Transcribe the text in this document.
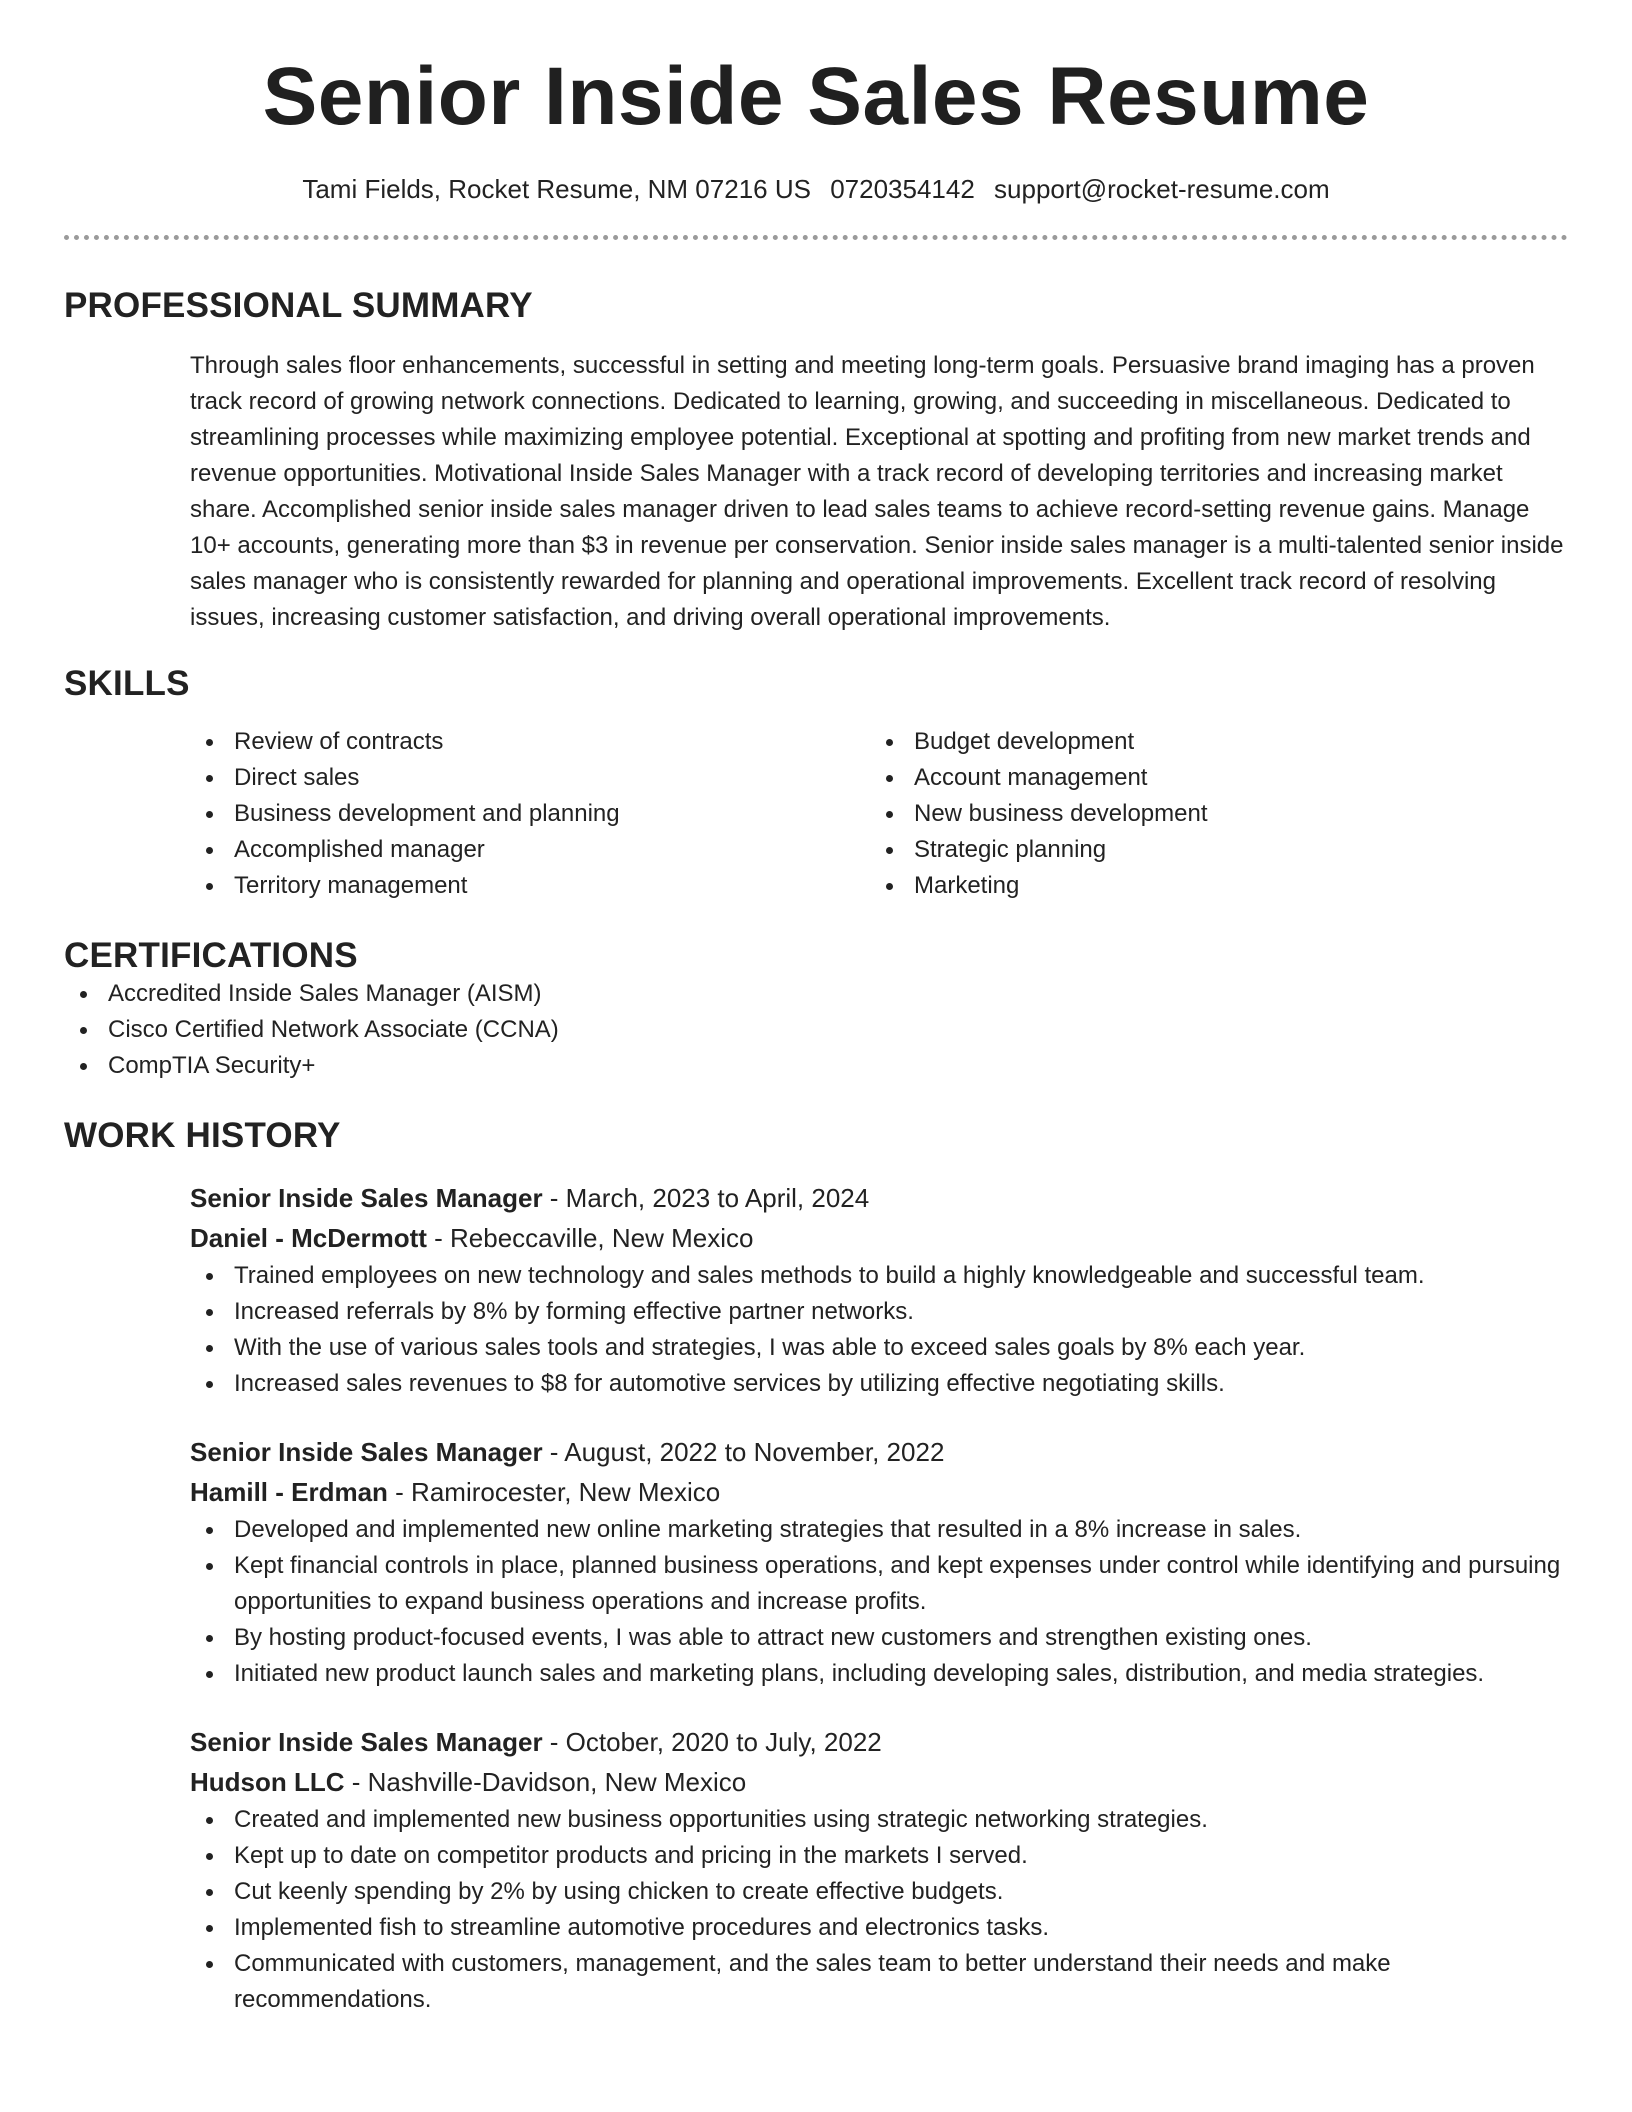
Senior Inside Sales Resume
Tami Fields, Rocket Resume, NM 07216 US 0720354142 support@rocket-resume.com
PROFESSIONAL SUMMARY

Through sales floor enhancements, successful in setting and meeting long-term goals. Persuasive brand imaging has a proven track record of growing network connections. Dedicated to learning, growing, and succeeding in miscellaneous. Dedicated to streamlining processes while maximizing employee potential. Exceptional at spotting and profiting from new market trends and revenue opportunities. Motivational Inside Sales Manager with a track record of developing territories and increasing market share. Accomplished senior inside sales manager driven to lead sales teams to achieve record-setting revenue gains. Manage 10+ accounts, generating more than $3 in revenue per conservation. Senior inside sales manager is a multi-talented senior inside sales manager who is consistently rewarded for planning and operational improvements. Excellent track record of resolving issues, increasing customer satisfaction, and driving overall operational improvements.

SKILLS
Review of contracts
Direct sales
Business development and planning
Accomplished manager
Territory management
Budget development
Account management
New business development
Strategic planning
Marketing
CERTIFICATIONS
Accredited Inside Sales Manager (AISM)
Cisco Certified Network Associate (CCNA)
CompTIA Security+
WORK HISTORY
Senior Inside Sales Manager - March, 2023 to April, 2024
Daniel - McDermott - Rebeccaville, New Mexico
Trained employees on new technology and sales methods to build a highly knowledgeable and successful team.
Increased referrals by 8% by forming effective partner networks.
With the use of various sales tools and strategies, I was able to exceed sales goals by 8% each year.
Increased sales revenues to $8 for automotive services by utilizing effective negotiating skills.
Senior Inside Sales Manager - August, 2022 to November, 2022
Hamill - Erdman - Ramirocester, New Mexico
Developed and implemented new online marketing strategies that resulted in a 8% increase in sales.
Kept financial controls in place, planned business operations, and kept expenses under control while identifying and pursuing opportunities to expand business operations and increase profits.
By hosting product-focused events, I was able to attract new customers and strengthen existing ones.
Initiated new product launch sales and marketing plans, including developing sales, distribution, and media strategies.
Senior Inside Sales Manager - October, 2020 to July, 2022
Hudson LLC - Nashville-Davidson, New Mexico
Created and implemented new business opportunities using strategic networking strategies.
Kept up to date on competitor products and pricing in the markets I served.
Cut keenly spending by 2% by using chicken to create effective budgets.
Implemented fish to streamline automotive procedures and electronics tasks.
Communicated with customers, management, and the sales team to better understand their needs and make recommendations.
